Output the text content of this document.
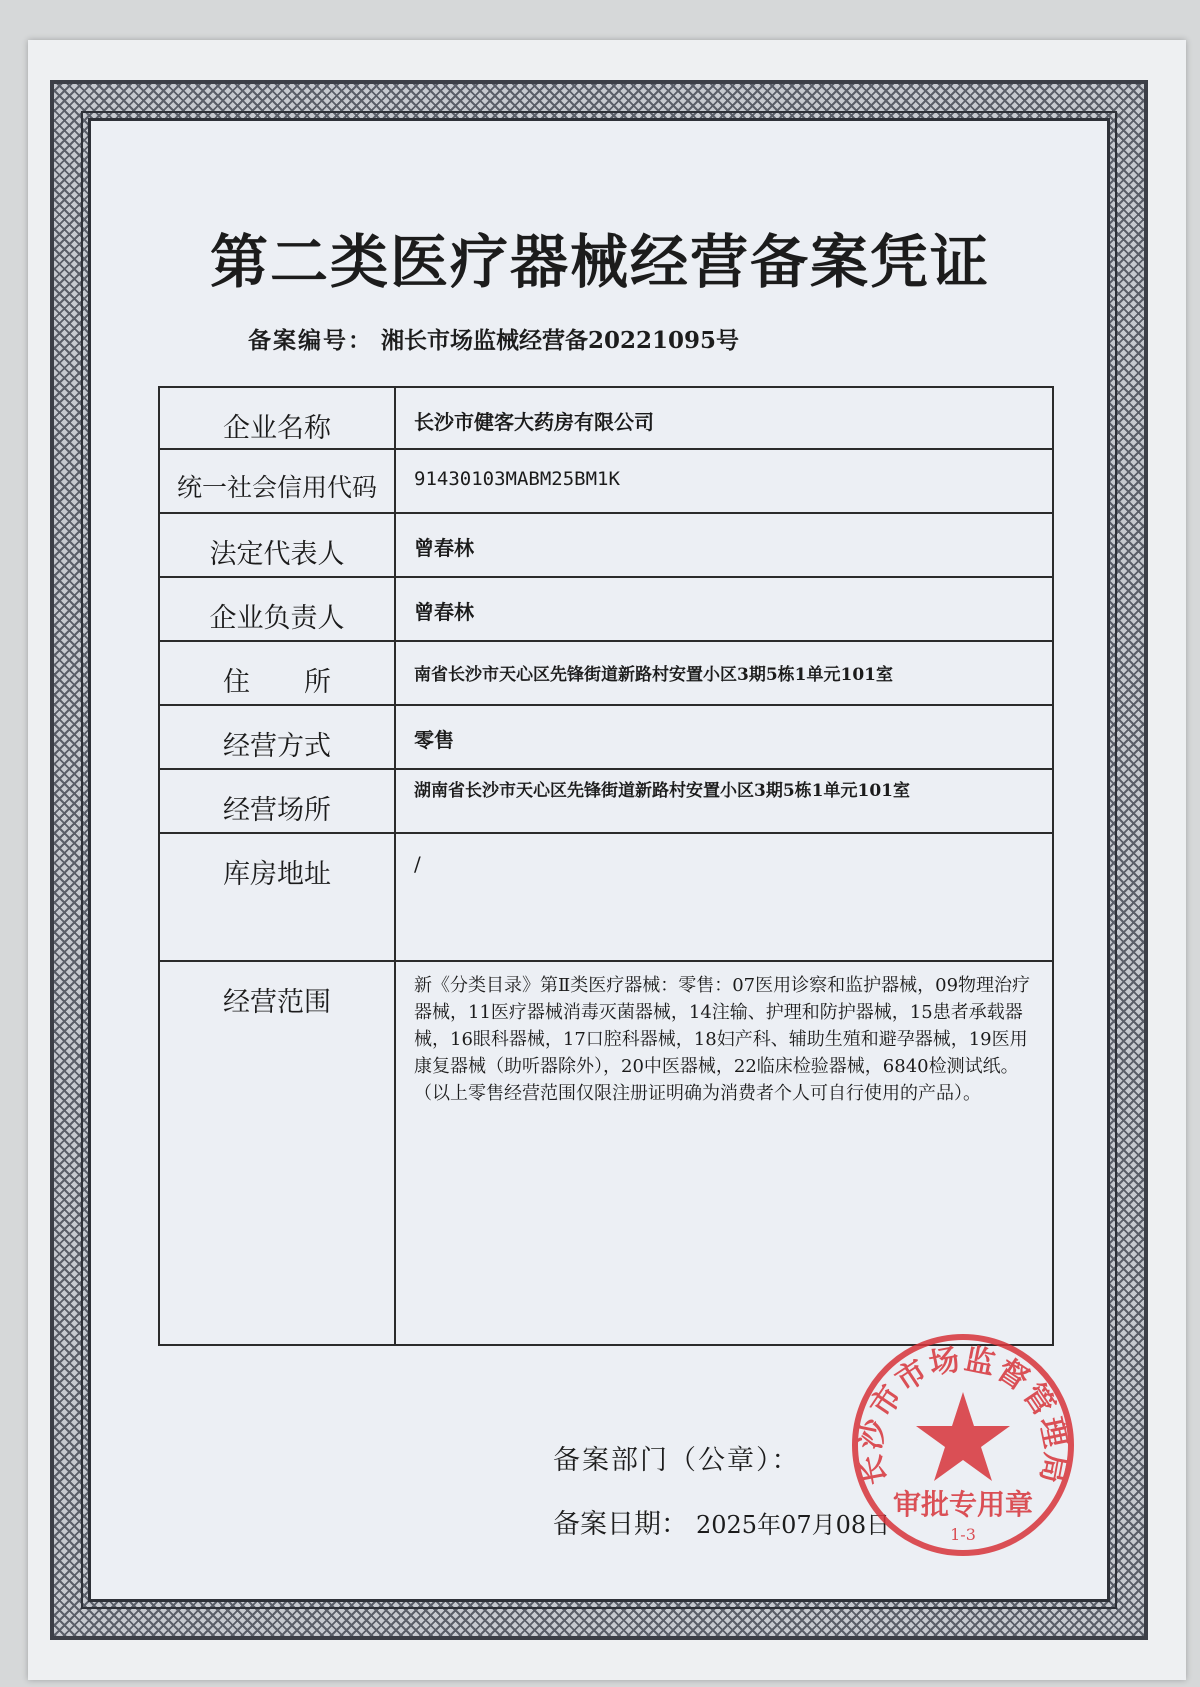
第二类医疗器械经营备案凭证
备案编号： 湘长市场监械经营备20221095号
企业名称	长沙市健客大药房有限公司
统一社会信用代码	91430103MABM25BM1K
法定代表人	曾春林
企业负责人	曾春林
住　　所	南省长沙市天心区先锋街道新路村安置小区3期5栋1单元101室
经营方式	零售
经营场所	湖南省长沙市天心区先锋街道新路村安置小区3期5栋1单元101室
库房地址	/
经营范围	新《分类目录》第Ⅱ类医疗器械：零售：07医用诊察和监护器械，09物理治疗器械，11医疗器械消毒灭菌器械，14注输、护理和防护器械，15患者承载器械，16眼科器械，17口腔科器械，18妇产科、辅助生殖和避孕器械，19医用康复器械（助听器除外），20中医器械，22临床检验器械，6840检测试纸。（以上零售经营范围仅限注册证明确为消费者个人可自行使用的产品）。
备案部门（公章）：
备案日期： 2025年07月08日
长沙市市场监督管理局
审批专用章
1-3
